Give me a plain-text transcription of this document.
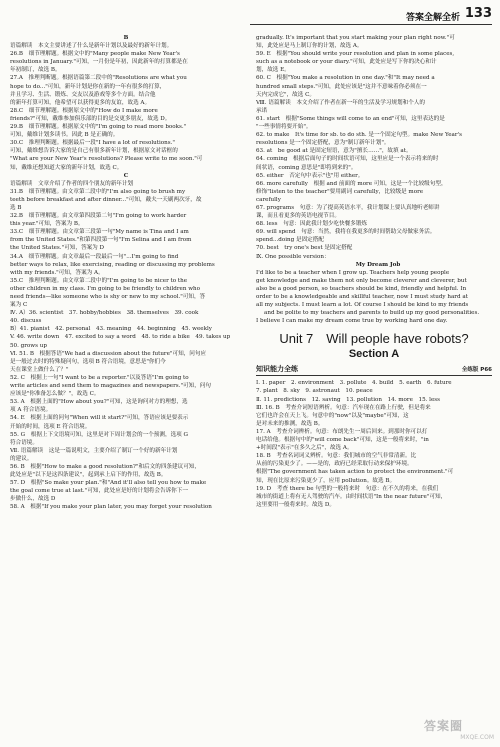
答案全解全析 133
B
语篇解读　本文主要讲述了什么是新年计划以及最好的新年计划。
26.B　细节理解题。根据文中的"Many people make New Year's
resolutions in January."可知，一月份是年初，因此新年的打算都是在
年初制订，故选 B。
27.A　推理判断题。根据语篇第二段中的"Resolutions are what you
hope to do..."可知，新年计划是你在新的一年有很多的打算，
并且学习、生活、锻炼、交友以及游戏等多个方面。结合他
的新年打算可知，他希望可以获得更多的友谊，故选 A。
28.C　细节理解题。根据原文中的"How do I make more
friends?"可知，戴维参加俱乐部的目的是交更多朋友，故选 D。
29.B　细节理解题。根据原文中的"I'm going to read more books."
可知，戴维计划多读书。因此 B 是正确的。
30.C　推理判断题。根据最后一段"I have a lot of resolutions."
可知，戴维想告诉大家的是自己有很多新年计划，根据原文对话框的
"What are your New Year's resolutions? Please write to me soon."可
知，戴维还想知道大家的新年计划，故选 C。
C
语篇解读　文章介绍了作者的四个朋友的新年计划
31.B　细节理解题。由文章第二段中的"I'm also going to brush my
teeth before breakfast and after dinner..."可知，戴夫一天刷两次牙，故
选 B
32.B　细节理解题。由文章第四段第二句"I'm going to work harder
this year."可知，答案为 B。
33.C　细节理解题。由文章第三段第一句"My name is Tina and I am
from the United States."和第四段第一句"I'm Selina and I am from
the United States."可知，答案为 D
34.A　细节理解题。由文章最后一段最后一句"...I'm going to find
better ways to relax, like exercising, reading or discussing my problems
with my friends."可知，答案为 A。
35.C　推理判断题。由文章第二段中的"I'm going to be nicer to the
other children in my class. I'm going to be friendly to children who
need friends—like someone who is shy or new to my school."可知，答
案为 C
Ⅳ. A）36. scientist　37. hobby/hobbies　38. themselves　39. cook
40. discuss
B）41. pianist　42. personal　43. meaning　44. beginning　45. weekly
V. 46. write down　47. excited to say a word　48. to ride a bike　49. takes up
50. grows up
Ⅵ. 51. B　根据答语"We had a discussion about the future"可知，问句应
是一般过去时的特殊疑问句，选项 B 符合语境，意思是"你们今
天在课堂上做什么了？"
52. C　根据上一句"I want to be a reporter."以及答语"I'm going to
write articles and send them to magazines and newspapers."可知，问句
应该是"你准备怎么做？"，故选 C。
53. A　根据上面的"How about you?"可知，这是询问对方的理想，选
项 A 符合语境。
54. E　根据上面的问句"When will it start?"可知，答语应该是要表示
开始的时间，选项 E 符合语境。
55. G　根据上下文语境可知，这里是对下周计划会的一个预测，选项 G
符合语境。
Ⅶ. 语篇解读　这是一篇说明文，主要介绍了制订一个好的新年计划
的建议。
56. B　根据"How to make a good resolution?"和后文的四条建议可知，
此处应是"以下是这四条建议"，起到承上启下的作用，故选 B。
57. D　根据"So make your plan."和"And it'll also tell you how to make
the goal come true at last."可知，此处应是好的计划将会告诉你下一
步做什么，故选 D
58. A　根据"If you make your plan later, you may forget your resolution
gradually. It's important that you start making your plan right now."可
知，此处应是马上制订你的计划，故选 A。
59. E　根据"You should write your resolution and plan in some places,
such as a notebook or your diary."可知，此处应是写下你的决心和计
划，故选 E。
60. C　根据"You make a resolution in one day."和"It may need a
hundred small steps."可知，此处应该是"这并不意味着你必须在一
天内完成它"，故选 C。
Ⅷ. 语篇解读　本文介绍了作者在新一年的生活及学习规划和个人的
承诺
61. start　根据"Some things will come to an end"可知，这里表达的是
"一些事情将要开始"。
62. to make　It's time for sb. to do sth. 是一个固定句型。make New Year's
resolutions 是一个固定搭配，意为"制订新年计划"。
63. at　be good at 是固定短语，意为"擅长……"，故填 at。
64. coming　根据后面句子的时间状语可知，这里应是一个表示将来的时
间状语，coming 意思是"即将到来的"。
65. either　否定句中表示"也"用 either。
66. more carefully　根据 and 前面的 more 可知，这是一个比较级句型，
修饰"listen to the teacher"要用副词 carefully，比较级是 more
carefully
67. programs　句意：为了提高英语水平，我计划课上要认真地听老师讲
课，而且看更多的英语电视节目。
68. less　句意：因此我计划少吃快餐多锻炼
69. will spend　句意：当然，我将在我更多的时间帮助父母做家务活。
spend...doing 是固定搭配
70. best　try one's best 是固定搭配
Ⅸ. One possible version：
My Dream Job
I'd like to be a teacher when I grow up. Teachers help young people
get knowledge and make them not only become cleverer and cleverer, but
also be a good person, so teachers should be kind, friendly and helpful. In
order to be a knowledgeable and skillful teacher, now I must study hard at
all my subjects. I must learn a lot. Of course I should be kind to my friends
and be polite to my teachers and parents to build up my good personalities.
I believe I can make my dream come true by working hard one day.
Unit 7　Will people have robots?
Section A
知识能力全练	全练版 P66
Ⅰ. 1. paper　2. environment　3. pollute　4. build　5. earth　6. future
7. plant　8. sky　9. astronaut　10. peace
Ⅱ. 11. predictions　12. saving　13. pollution　14. more　15. less
Ⅲ. 16. B　考查介词短语辨析。句意：汽车现在在路上行驶，但是将来
它们也许会在天上飞。句意中的"now"以及"maybe"可知，这
是对未来的推测，故选 B。
17. A　考查介词辨析。句意：布朗先生一周后回来。到那时你可以打
电话给他。根据句中的"will come back"可知，这是一般将来时，"in
+时间段"表示"在多久之后"，故选 A。
18. B　考查名词词义辨析。句意：我们城市的空气非常清新。比
从前的污染更少了。——是的，政府已经采取行动来保护环境。
根据"The government has taken action to protect the environment."可
知，现在比原来污染更少了，应用 pollution。故选 B。
19. D　考查 there be 句型的一般将来时　句意：在不久的将来，在我们
城市的街道上将有无人驾驶的汽车。由时间状语"In the near future"可知，
这里要用一般将来时。故选 D。
答案圈
MXQE.COM
